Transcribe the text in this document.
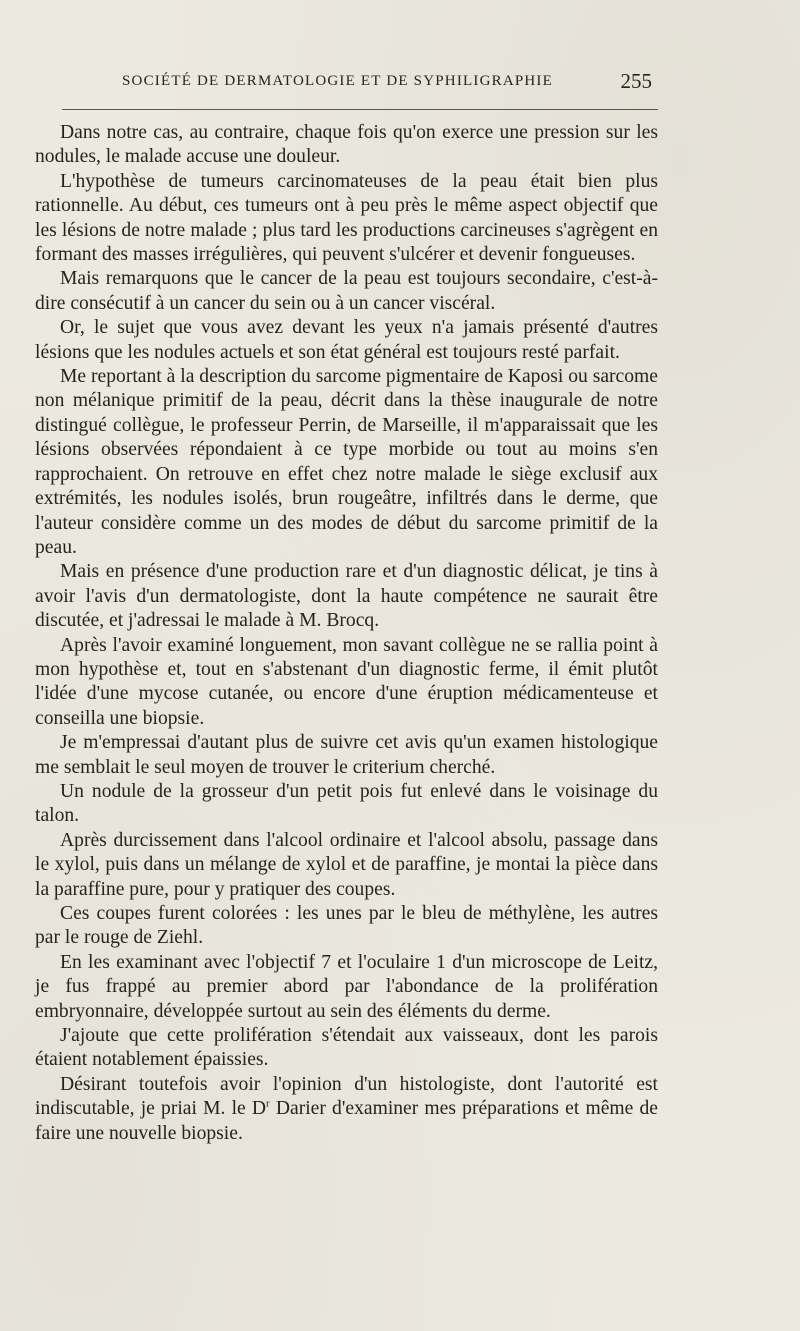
SOCIÉTÉ DE DERMATOLOGIE ET DE SYPHILIGRAPHIE	255

Dans notre cas, au contraire, chaque fois qu'on exerce une pression sur les nodules, le malade accuse une douleur.

L'hypothèse de tumeurs carcinomateuses de la peau était bien plus rationnelle. Au début, ces tumeurs ont à peu près le même aspect objectif que les lésions de notre malade ; plus tard les productions carcineuses s'agrègent en formant des masses irrégulières, qui peuvent s'ulcérer et devenir fongueuses.

Mais remarquons que le cancer de la peau est toujours secondaire, c'est-à-dire consécutif à un cancer du sein ou à un cancer viscéral.

Or, le sujet que vous avez devant les yeux n'a jamais présenté d'autres lésions que les nodules actuels et son état général est toujours resté parfait.

Me reportant à la description du sarcome pigmentaire de Kaposi ou sarcome non mélanique primitif de la peau, décrit dans la thèse inaugurale de notre distingué collègue, le professeur Perrin, de Marseille, il m'apparaissait que les lésions observées répondaient à ce type morbide ou tout au moins s'en rapprochaient. On retrouve en effet chez notre malade le siège exclusif aux extrémités, les nodules isolés, brun rougeâtre, infiltrés dans le derme, que l'auteur considère comme un des modes de début du sarcome primitif de la peau.

Mais en présence d'une production rare et d'un diagnostic délicat, je tins à avoir l'avis d'un dermatologiste, dont la haute compétence ne saurait être discutée, et j'adressai le malade à M. Brocq.

Après l'avoir examiné longuement, mon savant collègue ne se rallia point à mon hypothèse et, tout en s'abstenant d'un diagnostic ferme, il émit plutôt l'idée d'une mycose cutanée, ou encore d'une éruption médicamenteuse et conseilla une biopsie.

Je m'empressai d'autant plus de suivre cet avis qu'un examen histologique me semblait le seul moyen de trouver le criterium cherché.

Un nodule de la grosseur d'un petit pois fut enlevé dans le voisinage du talon.

Après durcissement dans l'alcool ordinaire et l'alcool absolu, passage dans le xylol, puis dans un mélange de xylol et de paraffine, je montai la pièce dans la paraffine pure, pour y pratiquer des coupes.

Ces coupes furent colorées : les unes par le bleu de méthylène, les autres par le rouge de Ziehl.

En les examinant avec l'objectif 7 et l'oculaire 1 d'un microscope de Leitz, je fus frappé au premier abord par l'abondance de la prolifération embryonnaire, développée surtout au sein des éléments du derme.

J'ajoute que cette prolifération s'étendait aux vaisseaux, dont les parois étaient notablement épaissies.

Désirant toutefois avoir l'opinion d'un histologiste, dont l'autorité est indiscutable, je priai M. le $D^r$ Darier d'examiner mes préparations et même de faire une nouvelle biopsie.
